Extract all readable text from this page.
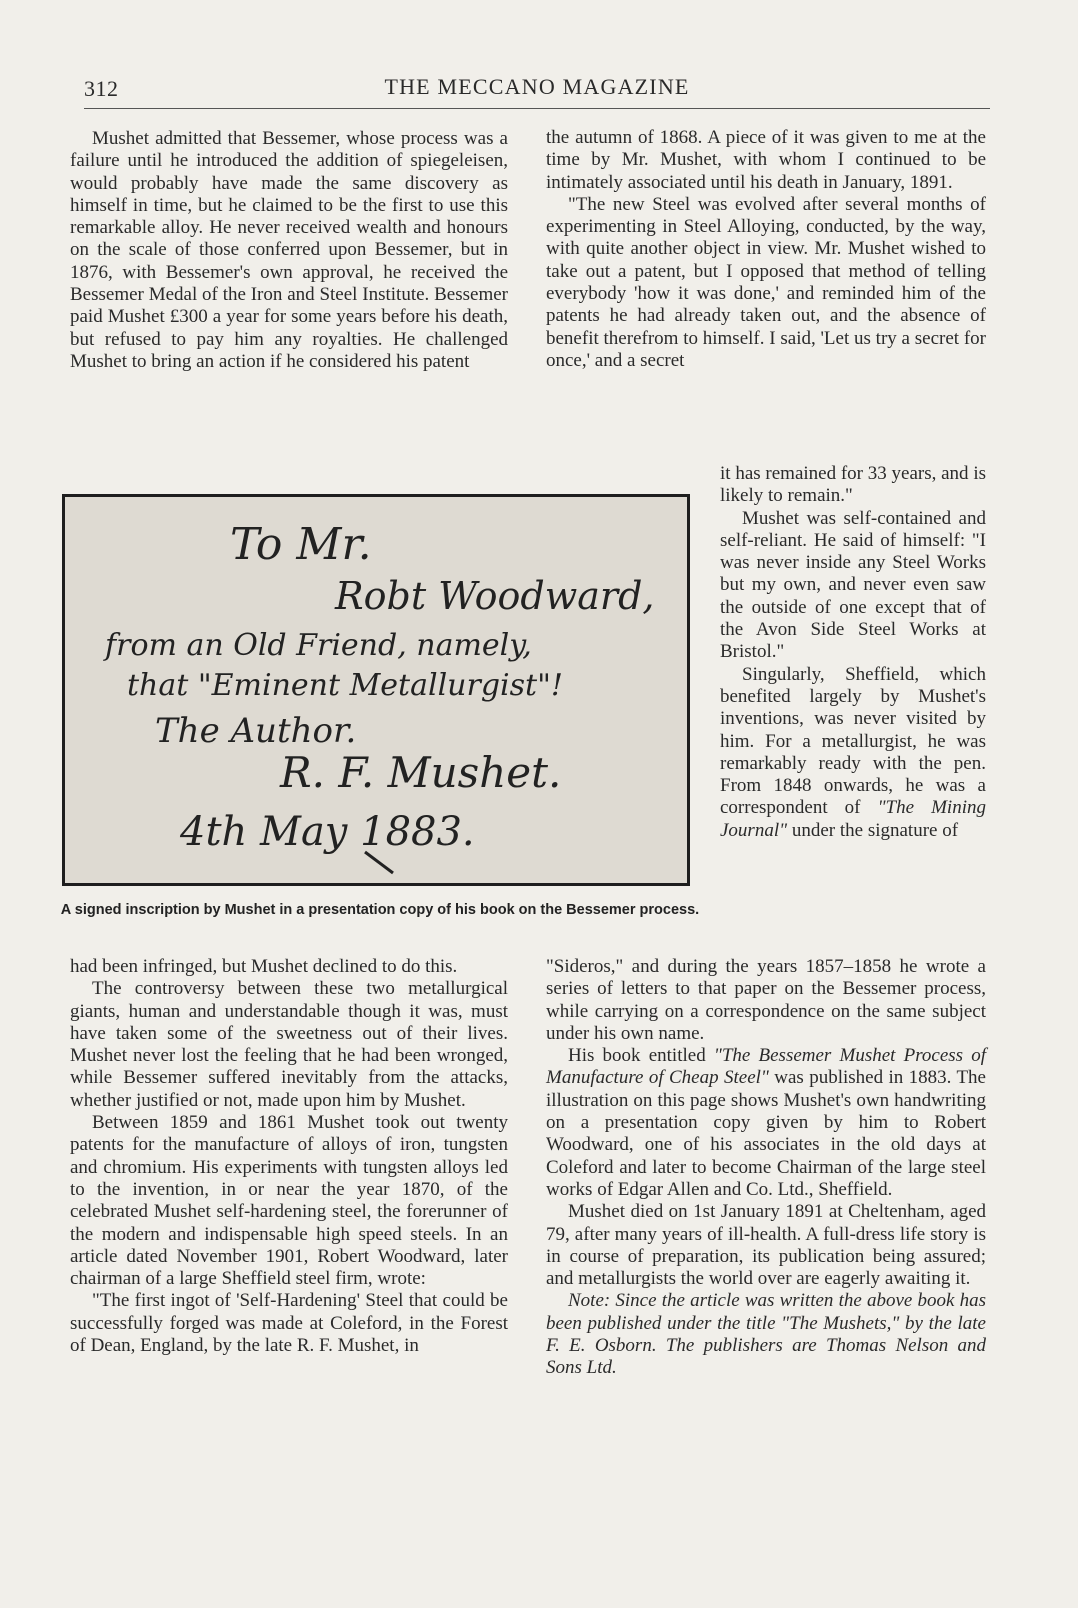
312	THE MECCANO MAGAZINE

Mushet admitted that Bessemer, whose process was a failure until he introduced the addition of spiegeleisen, would probably have made the same discovery as himself in time, but he claimed to be the first to use this remarkable alloy. He never received wealth and honours on the scale of those conferred upon Bessemer, but in 1876, with Bessemer's own approval, he received the Bessemer Medal of the Iron and Steel Institute. Bessemer paid Mushet £300 a year for some years before his death, but refused to pay him any royalties. He challenged Mushet to bring an action if he considered his patent

the autumn of 1868. A piece of it was given to me at the time by Mr. Mushet, with whom I continued to be intimately associated until his death in January, 1891.

"The new Steel was evolved after several months of experimenting in Steel Alloying, conducted, by the way, with quite another object in view. Mr. Mushet wished to take out a patent, but I opposed that method of telling everybody 'how it was done,' and reminded him of the patents he had already taken out, and the absence of benefit therefrom to himself. I said, 'Let us try a secret for once,' and a secret

it has remained for 33 years, and is likely to remain."

Mushet was self-contained and self-reliant. He said of himself: "I was never inside any Steel Works but my own, and never even saw the outside of one except that of the Avon Side Steel Works at Bristol."

Singularly, Sheffield, which benefited largely by Mushet's inventions, was never visited by him. For a metallurgist, he was remarkably ready with the pen. From 1848 onwards, he was a correspondent of "The Mining Journal" under the signature of

To Mr.
Robt Woodward,
from an Old Friend, namely,
that "Eminent Metallurgist"!
The Author.
R. F. Mushet.
4th May 1883.
A signed inscription by Mushet in a presentation copy of his book on the Bessemer process.

had been infringed, but Mushet declined to do this.

The controversy between these two metallurgical giants, human and understandable though it was, must have taken some of the sweetness out of their lives. Mushet never lost the feeling that he had been wronged, while Bessemer suffered inevitably from the attacks, whether justified or not, made upon him by Mushet.

Between 1859 and 1861 Mushet took out twenty patents for the manufacture of alloys of iron, tungsten and chromium. His experiments with tungsten alloys led to the invention, in or near the year 1870, of the celebrated Mushet self-hardening steel, the forerunner of the modern and indispensable high speed steels. In an article dated November 1901, Robert Woodward, later chairman of a large Sheffield steel firm, wrote:

"The first ingot of 'Self-Hardening' Steel that could be successfully forged was made at Coleford, in the Forest of Dean, England, by the late R. F. Mushet, in

"Sideros," and during the years 1857–1858 he wrote a series of letters to that paper on the Bessemer process, while carrying on a correspondence on the same subject under his own name.

His book entitled "The Bessemer Mushet Process of Manufacture of Cheap Steel" was published in 1883. The illustration on this page shows Mushet's own handwriting on a presentation copy given by him to Robert Woodward, one of his associates in the old days at Coleford and later to become Chairman of the large steel works of Edgar Allen and Co. Ltd., Sheffield.

Mushet died on 1st January 1891 at Cheltenham, aged 79, after many years of ill-health. A full-dress life story is in course of preparation, its publication being assured; and metallurgists the world over are eagerly awaiting it.

Note: Since the article was written the above book has been published under the title "The Mushets," by the late F. E. Osborn. The publishers are Thomas Nelson and Sons Ltd.
